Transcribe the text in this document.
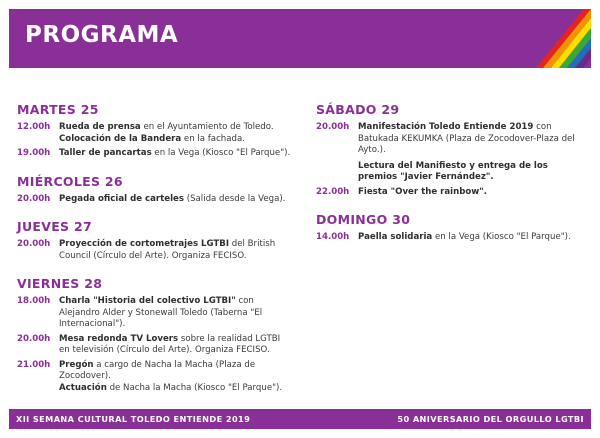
PROGRAMA
MARTES 25
12.00h	Rueda de prensa en el Ayuntamiento de Toledo.
Colocación de la Bandera en la fachada.
19.00h	Taller de pancartas en la Vega (Kiosco "El Parque").
MIÉRCOLES 26
20.00h	Pegada oficial de carteles (Salida desde la Vega).
JUEVES 27
20.00h	Proyección de cortometrajes LGTBI del British Council (Círculo del Arte). Organiza FECISO.
VIERNES 28
18.00h	Charla "Historia del colectivo LGTBI" con Alejandro Alder y Stonewall Toledo (Taberna "El Internacional").
20.00h	Mesa redonda TV Lovers sobre la realidad LGTBI en televisión (Círculo del Arte). Organiza FECISO.
21.00h	Pregón a cargo de Nacha la Macha (Plaza de Zocodover).
Actuación de Nacha la Macha (Kiosco "El Parque").
SÁBADO 29
20.00h	Manifestación Toledo Entiende 2019 con Batukada KEKUMKA (Plaza de Zocodover-Plaza del Ayto.).

Lectura del Manifiesto y entrega de los premios "Javier Fernández".
22.00h	Fiesta "Over the rainbow".
DOMINGO 30
14.00h	Paella solidaria en la Vega (Kiosco "El Parque").
XII SEMANA CULTURAL TOLEDO ENTIENDE 2019	50 ANIVERSARIO DEL ORGULLO LGTBI
